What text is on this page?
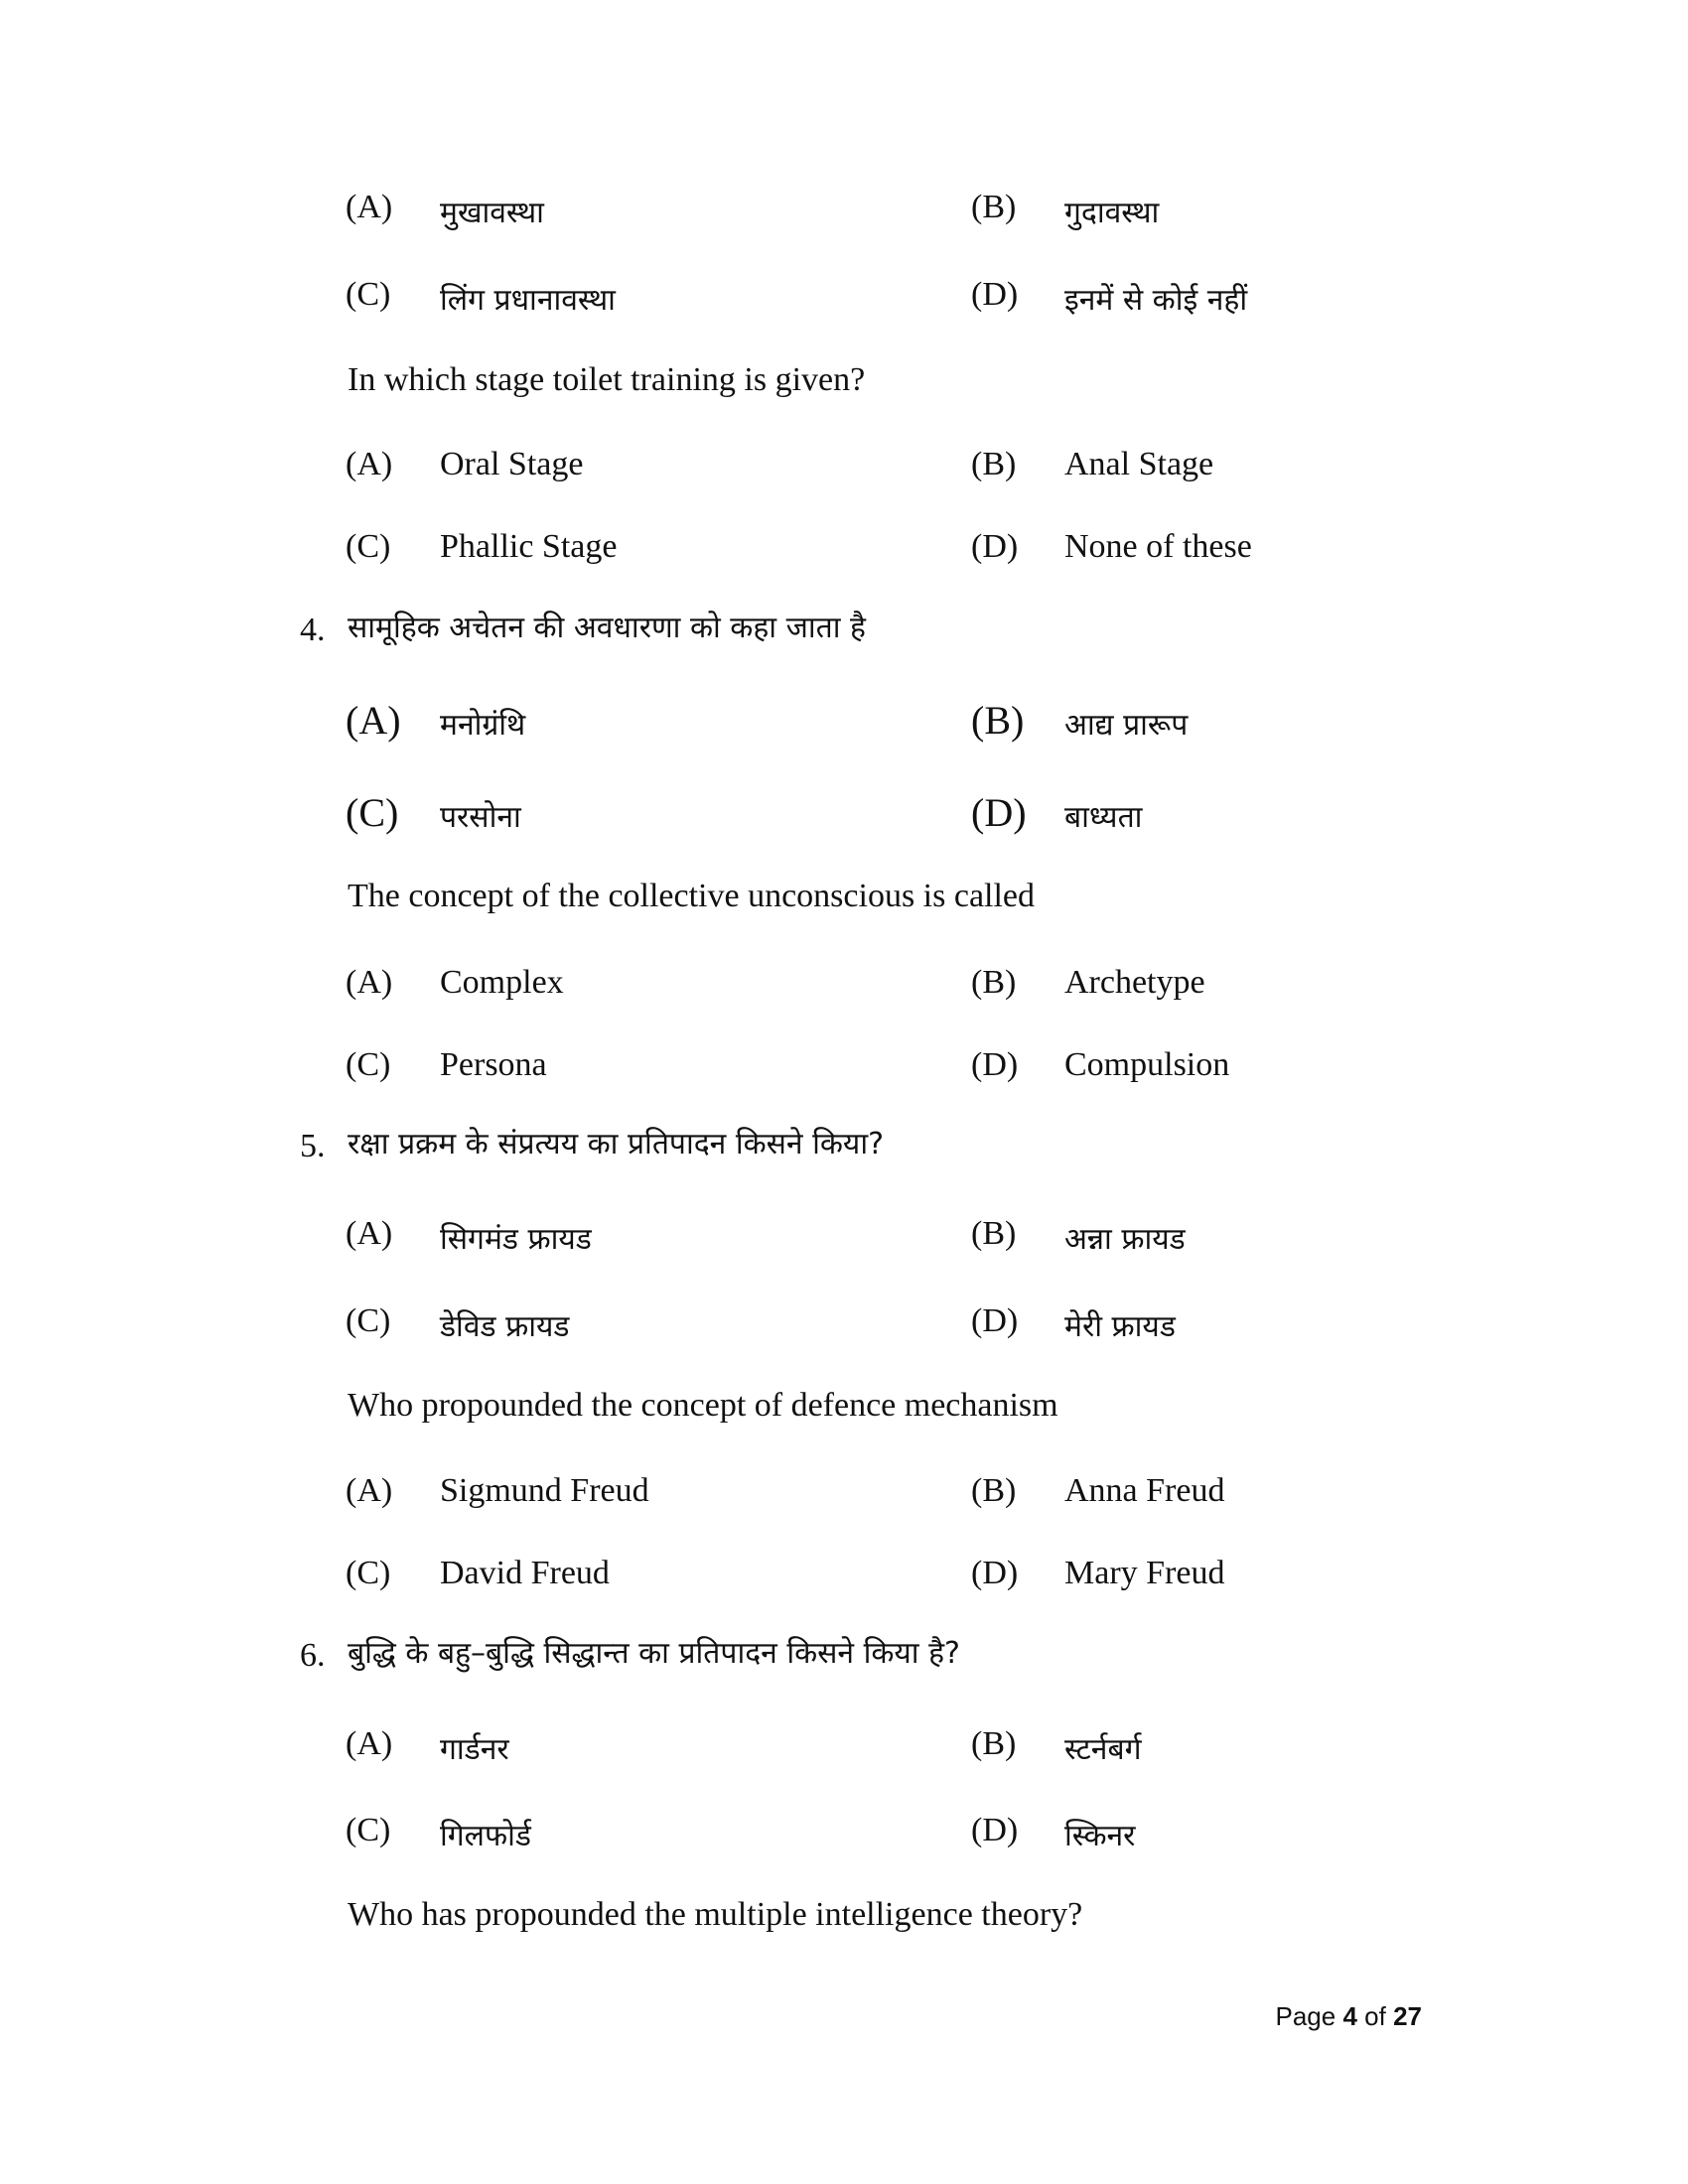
(A) मुखावस्था	(B) गुदावस्था
(C) लिंग प्रधानावस्था	(D) इनमें से कोई नहीं
In which stage toilet training is given?
(A) Oral Stage	(B) Anal Stage
(C) Phallic Stage	(D) None of these
4. सामूहिक अचेतन की अवधारणा को कहा जाता है
(A) मनोग्रंथि	(B) आद्य प्रारूप
(C) परसोना	(D) बाध्यता
The concept of the collective unconscious is called
(A) Complex	(B) Archetype
(C) Persona	(D) Compulsion
5. रक्षा प्रक्रम के संप्रत्यय का प्रतिपादन किसने किया?
(A) सिगमंड फ्रायड	(B) अन्ना फ्रायड
(C) डेविड फ्रायड	(D) मेरी फ्रायड
Who propounded the concept of defence mechanism
(A) Sigmund Freud	(B) Anna Freud
(C) David Freud	(D) Mary Freud
6. बुद्धि के बहु–बुद्धि सिद्धान्त का प्रतिपादन किसने किया है?
(A) गार्डनर	(B) स्टर्नबर्ग
(C) गिलफोर्ड	(D) स्किनर
Who has propounded the multiple intelligence theory?
Page 4 of 27
